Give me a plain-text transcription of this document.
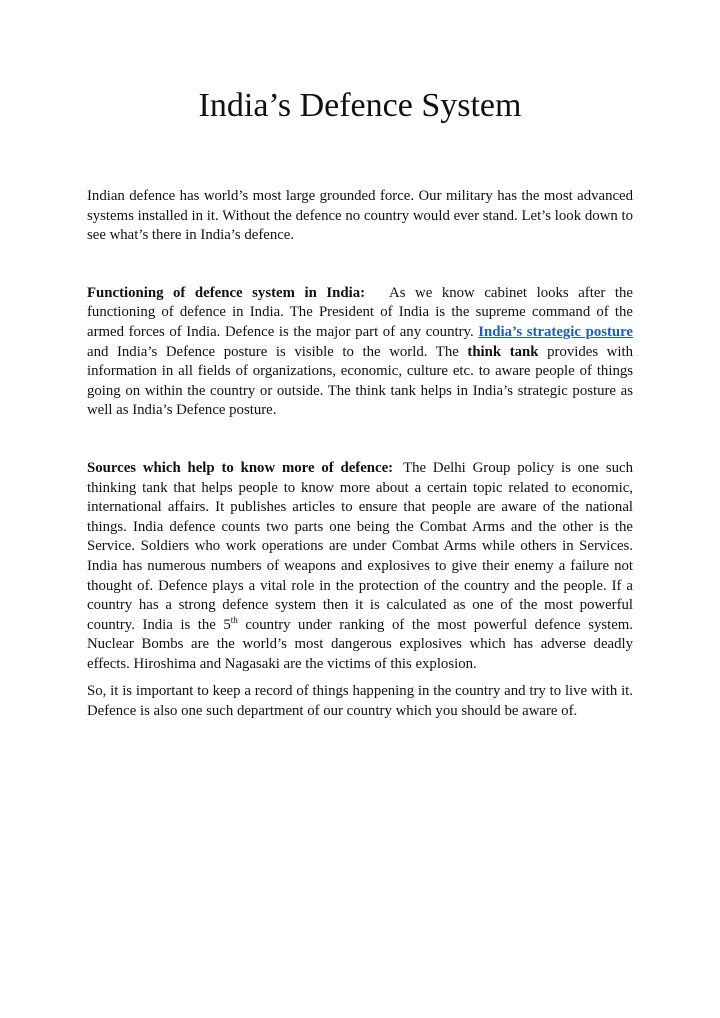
India’s Defence System

Indian defence has world’s most large grounded force. Our military has the most advanced systems installed in it. Without the defence no country would ever stand. Let’s look down to see what’s there in India’s defence.

Functioning of defence system in India: As we know cabinet looks after the functioning of defence in India. The President of India is the supreme command of the armed forces of India. Defence is the major part of any country. India’s strategic posture and India’s Defence posture is visible to the world. The think tank provides with information in all fields of organizations, economic, culture etc. to aware people of things going on within the country or outside. The think tank helps in India’s strategic posture as well as India’s Defence posture.

Sources which help to know more of defence: The Delhi Group policy is one such thinking tank that helps people to know more about a certain topic related to economic, international affairs. It publishes articles to ensure that people are aware of the national things. India defence counts two parts one being the Combat Arms and the other is the Service. Soldiers who work operations are under Combat Arms while others in Services. India has numerous numbers of weapons and explosives to give their enemy a failure not thought of. Defence plays a vital role in the protection of the country and the people. If a country has a strong defence system then it is calculated as one of the most powerful country. India is the 5th country under ranking of the most powerful defence system. Nuclear Bombs are the world’s most dangerous explosives which has adverse deadly effects. Hiroshima and Nagasaki are the victims of this explosion.

So, it is important to keep a record of things happening in the country and try to live with it. Defence is also one such department of our country which you should be aware of.
